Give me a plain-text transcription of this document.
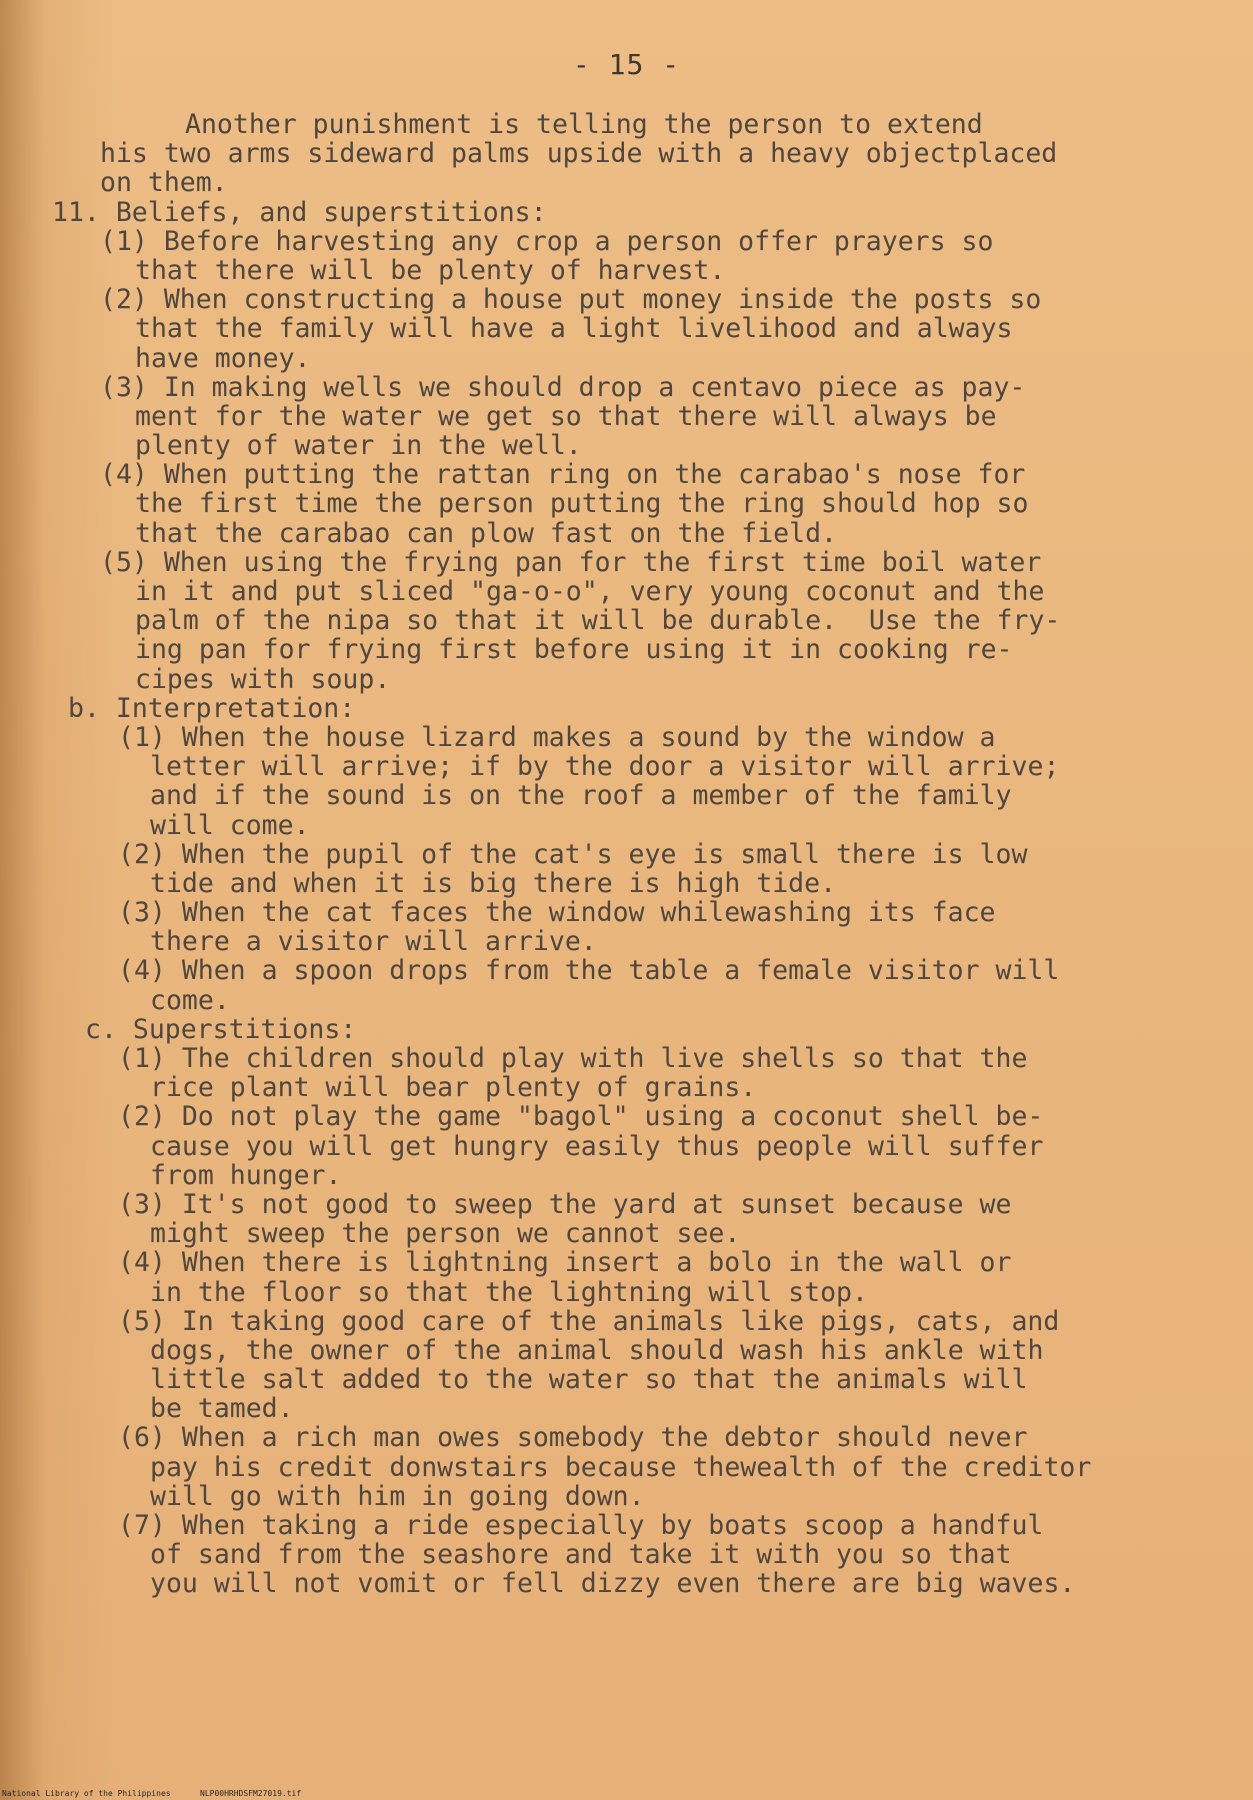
- 15 -
Another punishment is telling the person to extend
his two arms sideward palms upside with a heavy objectplaced
on them.
11. Beliefs, and superstitions:
(1) Before harvesting any crop a person offer prayers so
that there will be plenty of harvest.
(2) When constructing a house put money inside the posts so
that the family will have a light livelihood and always
have money.
(3) In making wells we should drop a centavo piece as pay-
ment for the water we get so that there will always be
plenty of water in the well.
(4) When putting the rattan ring on the carabao's nose for
the first time the person putting the ring should hop so
that the carabao can plow fast on the field.
(5) When using the frying pan for the first time boil water
in it and put sliced "ga-o-o", very young coconut and the
palm of the nipa so that it will be durable.  Use the fry-
ing pan for frying first before using it in cooking re-
cipes with soup.
b. Interpretation:
(1) When the house lizard makes a sound by the window a
letter will arrive; if by the door a visitor will arrive;
and if the sound is on the roof a member of the family
will come.
(2) When the pupil of the cat's eye is small there is low
tide and when it is big there is high tide.
(3) When the cat faces the window whilewashing its face
there a visitor will arrive.
(4) When a spoon drops from the table a female visitor will
come.
c. Superstitions:
(1) The children should play with live shells so that the
rice plant will bear plenty of grains.
(2) Do not play the game "bagol" using a coconut shell be-
cause you will get hungry easily thus people will suffer
from hunger.
(3) It's not good to sweep the yard at sunset because we
might sweep the person we cannot see.
(4) When there is lightning insert a bolo in the wall or
in the floor so that the lightning will stop.
(5) In taking good care of the animals like pigs, cats, and
dogs, the owner of the animal should wash his ankle with
little salt added to the water so that the animals will
be tamed.
(6) When a rich man owes somebody the debtor should never
pay his credit donwstairs because thewealth of the creditor
will go with him in going down.
(7) When taking a ride especially by boats scoop a handful
of sand from the seashore and take it with you so that
you will not vomit or fell dizzy even there are big waves.

National Library of the Philippines

	NLP00HRHDSFM27019.tif
